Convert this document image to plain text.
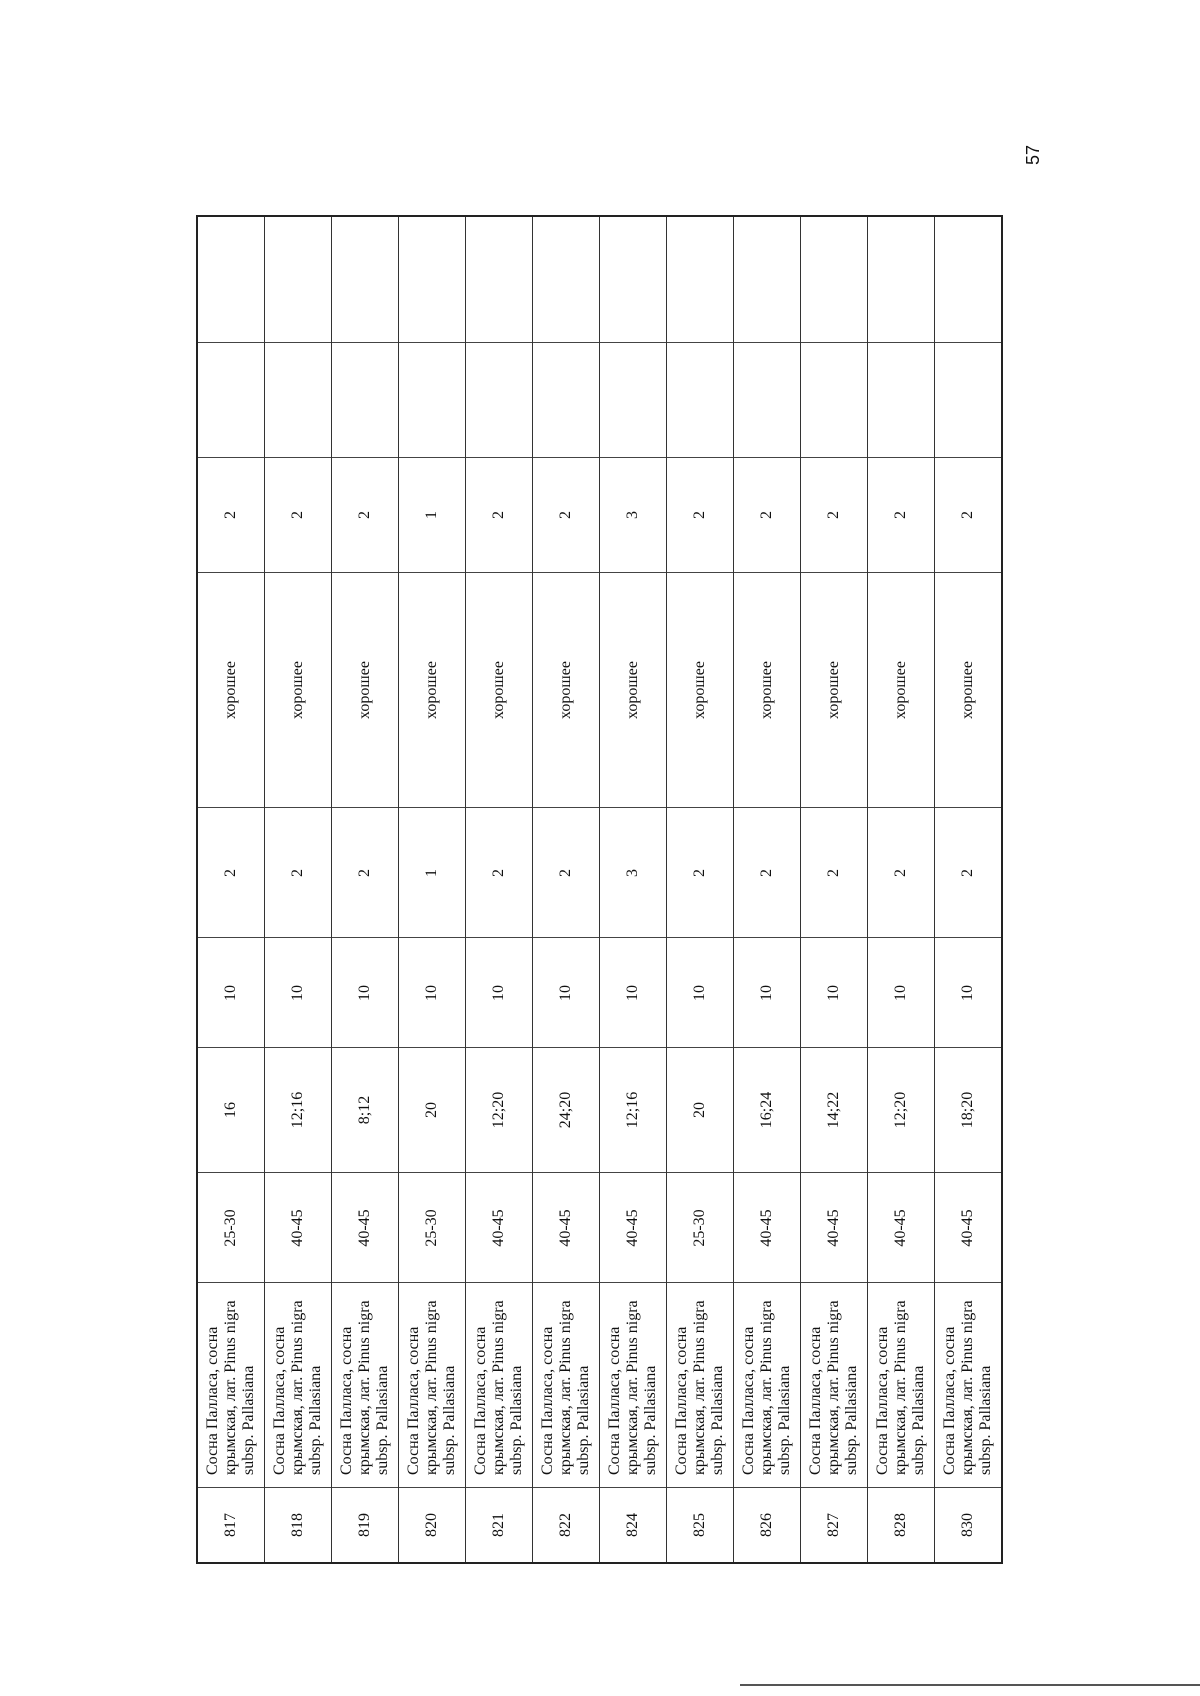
57
817
Сосна Палласа, сосна крымская, лат. Pinus nigra subsp. Pallasiana
25-30
16
10
2
хорошее
2
818
Сосна Палласа, сосна крымская, лат. Pinus nigra subsp. Pallasiana
40-45
12;16
10
2
хорошее
2
819
Сосна Палласа, сосна крымская, лат. Pinus nigra subsp. Pallasiana
40-45
8;12
10
2
хорошее
2
820
Сосна Палласа, сосна крымская, лат. Pinus nigra subsp. Pallasiana
25-30
20
10
1
хорошее
1
821
Сосна Палласа, сосна крымская, лат. Pinus nigra subsp. Pallasiana
40-45
12;20
10
2
хорошее
2
822
Сосна Палласа, сосна крымская, лат. Pinus nigra subsp. Pallasiana
40-45
24;20
10
2
хорошее
2
824
Сосна Палласа, сосна крымская, лат. Pinus nigra subsp. Pallasiana
40-45
12;16
10
3
хорошее
3
825
Сосна Палласа, сосна крымская, лат. Pinus nigra subsp. Pallasiana
25-30
20
10
2
хорошее
2
826
Сосна Палласа, сосна крымская, лат. Pinus nigra subsp. Pallasiana
40-45
16;24
10
2
хорошее
2
827
Сосна Палласа, сосна крымская, лат. Pinus nigra subsp. Pallasiana
40-45
14;22
10
2
хорошее
2
828
Сосна Палласа, сосна крымская, лат. Pinus nigra subsp. Pallasiana
40-45
12;20
10
2
хорошее
2
830
Сосна Палласа, сосна крымская, лат. Pinus nigra subsp. Pallasiana
40-45
18;20
10
2
хорошее
2
